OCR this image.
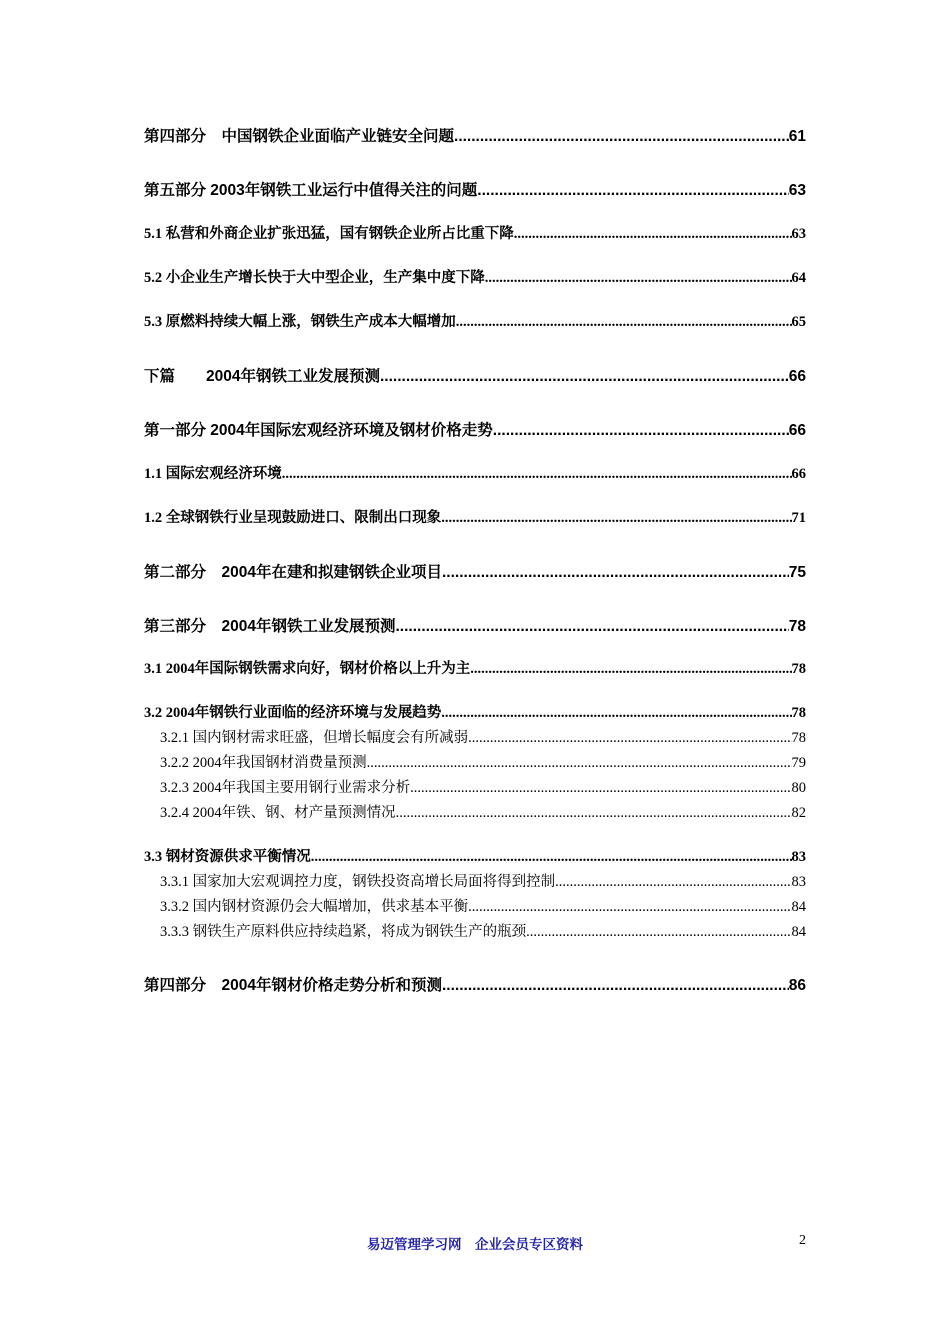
第四部分　中国钢铁企业面临产业链安全问题 .....	61
第五部分 2003年钢铁工业运行中值得关注的问题 .....	63
5.1 私营和外商企业扩张迅猛，国有钢铁企业所占比重下降 .....	63
5.2 小企业生产增长快于大中型企业，生产集中度下降 .....	64
5.3 原燃料持续大幅上涨，钢铁生产成本大幅增加 .....	65
下篇　　2004年钢铁工业发展预测 .....	66
第一部分 2004年国际宏观经济环境及钢材价格走势 .....	66
1.1 国际宏观经济环境 .....	66
1.2 全球钢铁行业呈现鼓励进口、限制出口现象 .....	71
第二部分　2004年在建和拟建钢铁企业项目 .....	75
第三部分　2004年钢铁工业发展预测 .....	78
3.1 2004年国际钢铁需求向好，钢材价格以上升为主 .....	78
3.2 2004年钢铁行业面临的经济环境与发展趋势 .....	78
3.2.1 国内钢材需求旺盛，但增长幅度会有所减弱 .....	78
3.2.2 2004年我国钢材消费量预测 .....	79
3.2.3 2004年我国主要用钢行业需求分析 .....	80
3.2.4 2004年铁、钢、材产量预测情况 .....	82
3.3 钢材资源供求平衡情况 .....	83
3.3.1 国家加大宏观调控力度，钢铁投资高增长局面将得到控制 .....	83
3.3.2 国内钢材资源仍会大幅增加，供求基本平衡 .....	84
3.3.3 钢铁生产原料供应持续趋紧，将成为钢铁生产的瓶颈 .....	84
第四部分　2004年钢材价格走势分析和预测 .....	86
易迈管理学习网　企业会员专区资料	2
